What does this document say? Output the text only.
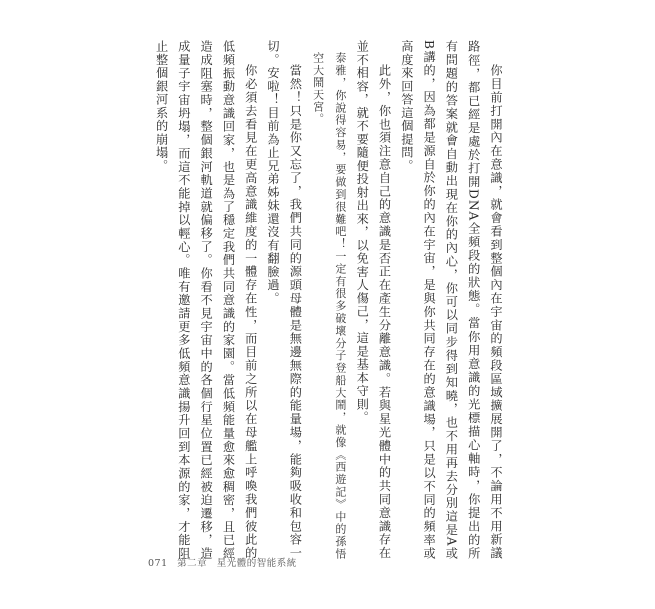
你目前打開內在意識，就會看到整個內在宇宙的頻段區域擴展開了，不論用不用新議路徑，都已經是處於打開DNA全頻段的狀態。當你用意識的光標描心軸時，你提出的所有問題的答案就會自動出現在你的內心，你可以同步得到知曉，也不用再去分別這是A或B講的，因為都是源自於你的內在宇宙，是與你共同存在的意識場，只是以不同的頻率或高度來回答這個提問。

此外，你也須注意自己的意識是否正在產生分離意識。若與星光體中的共同意識存在並不相容，就不要隨便投射出來，以免害人傷己，這是基本守則。

泰雅，你說得容易，要做到很難吧！一定有很多破壞分子登船大鬧，就像《西遊記》中的孫悟空大鬧天宮。

當然！只是你又忘了，我們共同的源頭母體是無邊無際的能量場，能夠吸收和包容一切。安啦！目前為止兄弟姊妹還沒有翻臉過。

你必須去看見在更高意識維度的一體存在性，而目前之所以在母艦上呼喚我們彼此的低頻振動意識回家，也是為了穩定我們共同意識的家園。當低頻能量愈來愈稠密，且已經造成阻塞時，整個銀河軌道就偏移了。你看不見宇宙中的各個行星位置已經被迫遷移，造成量子宇宙坍塌，而這不能掉以輕心。唯有邀請更多低頻意識揚升回到本源的家，才能阻止整個銀河系的崩塌。

071 第二章 星光體的智能系統
